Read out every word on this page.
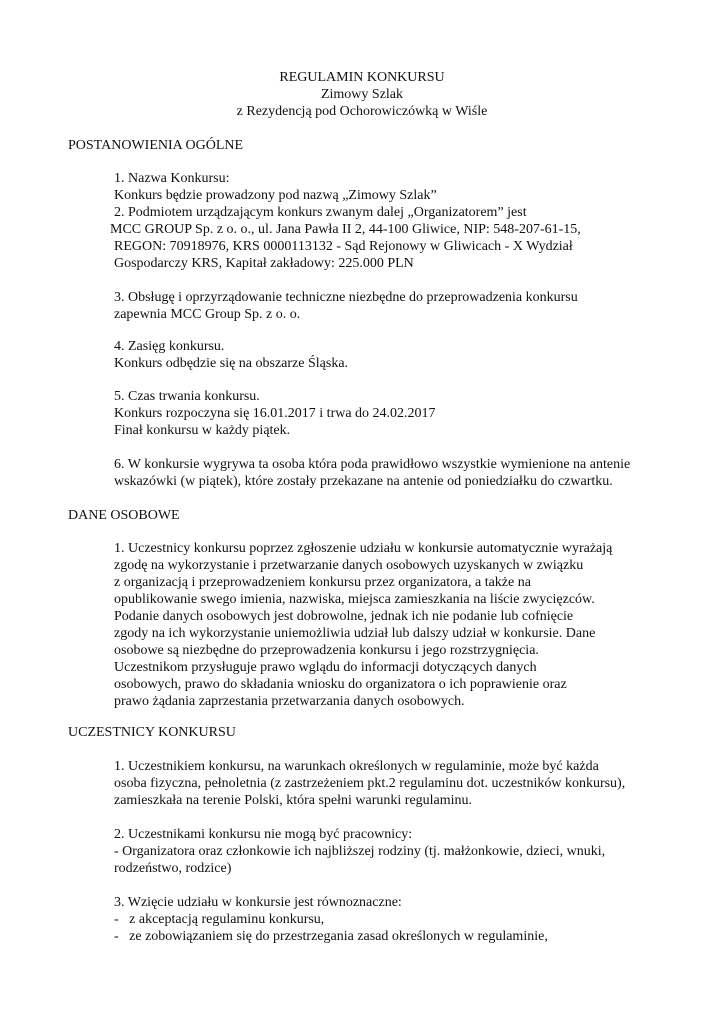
REGULAMIN KONKURSU
Zimowy Szlak
z Rezydencją pod Ochorowiczówką w Wiśle
POSTANOWIENIA OGÓLNE
1. Nazwa Konkursu:
Konkurs będzie prowadzony pod nazwą „Zimowy Szlak”
2. Podmiotem urządzającym konkurs zwanym dalej „Organizatorem” jest
MCC GROUP Sp. z o. o., ul. Jana Pawła II 2, 44-100 Gliwice, NIP: 548-207-61-15,
REGON: 70918976, KRS 0000113132 - Sąd Rejonowy w Gliwicach - X Wydział
Gospodarczy KRS, Kapitał zakładowy: 225.000 PLN
3. Obsługę i oprzyrządowanie techniczne niezbędne do przeprowadzenia konkursu
zapewnia MCC Group Sp. z o. o.
4. Zasięg konkursu.
Konkurs odbędzie się na obszarze Śląska.
5. Czas trwania konkursu.
Konkurs rozpoczyna się 16.01.2017 i trwa do 24.02.2017
Finał konkursu w każdy piątek.
6. W konkursie wygrywa ta osoba która poda prawidłowo wszystkie wymienione na antenie
wskazówki (w piątek), które zostały przekazane na antenie od poniedziałku do czwartku.
DANE OSOBOWE
1. Uczestnicy konkursu poprzez zgłoszenie udziału w konkursie automatycznie wyrażają
zgodę na wykorzystanie i przetwarzanie danych osobowych uzyskanych w związku
z organizacją i przeprowadzeniem konkursu przez organizatora, a także na
opublikowanie swego imienia, nazwiska, miejsca zamieszkania na liście zwycięzców.
Podanie danych osobowych jest dobrowolne, jednak ich nie podanie lub cofnięcie
zgody na ich wykorzystanie uniemożliwia udział lub dalszy udział w konkursie. Dane
osobowe są niezbędne do przeprowadzenia konkursu i jego rozstrzygnięcia.
Uczestnikom przysługuje prawo wglądu do informacji dotyczących danych
osobowych, prawo do składania wniosku do organizatora o ich poprawienie oraz
prawo żądania zaprzestania przetwarzania danych osobowych.
UCZESTNICY KONKURSU
1. Uczestnikiem konkursu, na warunkach określonych w regulaminie, może być każda
osoba fizyczna, pełnoletnia (z zastrzeżeniem pkt.2 regulaminu dot. uczestników konkursu),
zamieszkała na terenie Polski, która spełni warunki regulaminu.
2. Uczestnikami konkursu nie mogą być pracownicy:
- Organizatora oraz członkowie ich najbliższej rodziny (tj. małżonkowie, dzieci, wnuki,
rodzeństwo, rodzice)
3. Wzięcie udziału w konkursie jest równoznaczne:
-   z akceptacją regulaminu konkursu,
-   ze zobowiązaniem się do przestrzegania zasad określonych w regulaminie,
